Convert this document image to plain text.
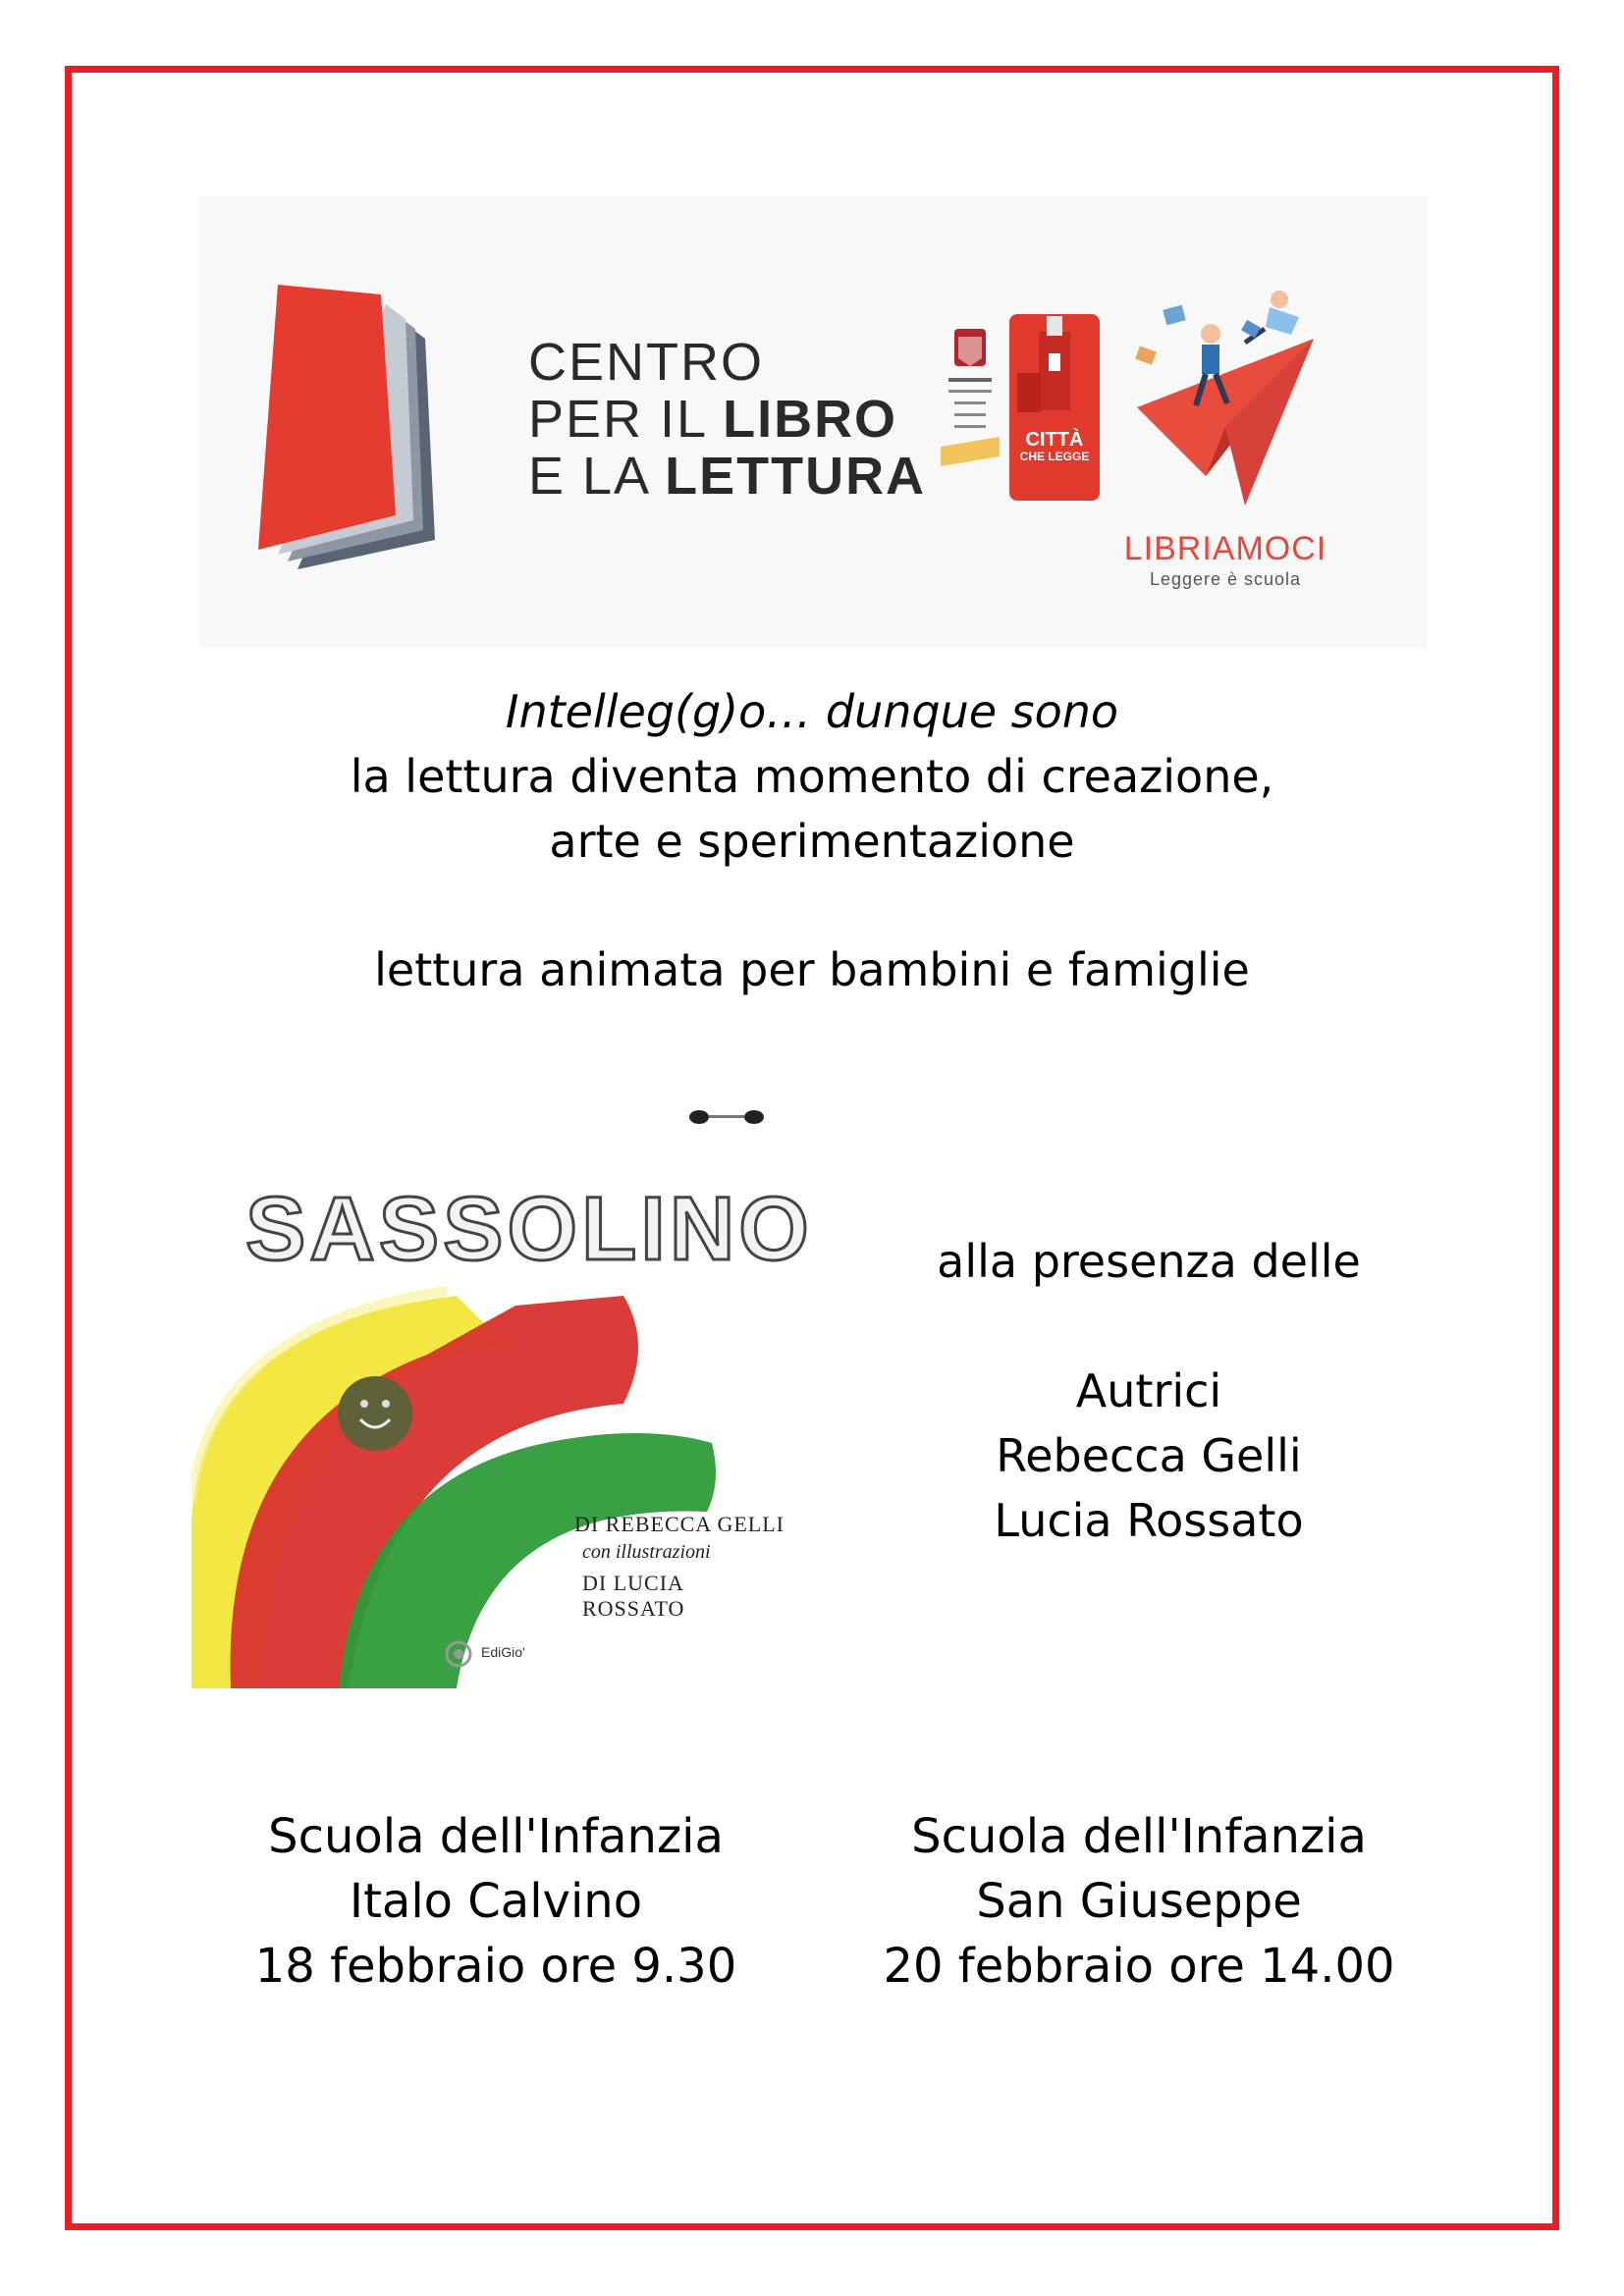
CENTRO
PER IL LIBRO
E LA LETTURA
CITTÀ
CHE LEGGE
LIBRIAMOCI
Leggere è scuola
Intelleg(g)o… dunque sono
la lettura diventa momento di creazione,
arte e sperimentazione
lettura animata per bambini e famiglie
SASSOLINO
DI REBECCA GELLI
con illustrazioni
DI LUCIA ROSSATO
EdiGio'
alla presenza delle
Autrici
Rebecca Gelli
Lucia Rossato
Scuola dell'Infanzia
Italo Calvino
18 febbraio ore 9.30
Scuola dell'Infanzia
San Giuseppe
20 febbraio ore 14.00
